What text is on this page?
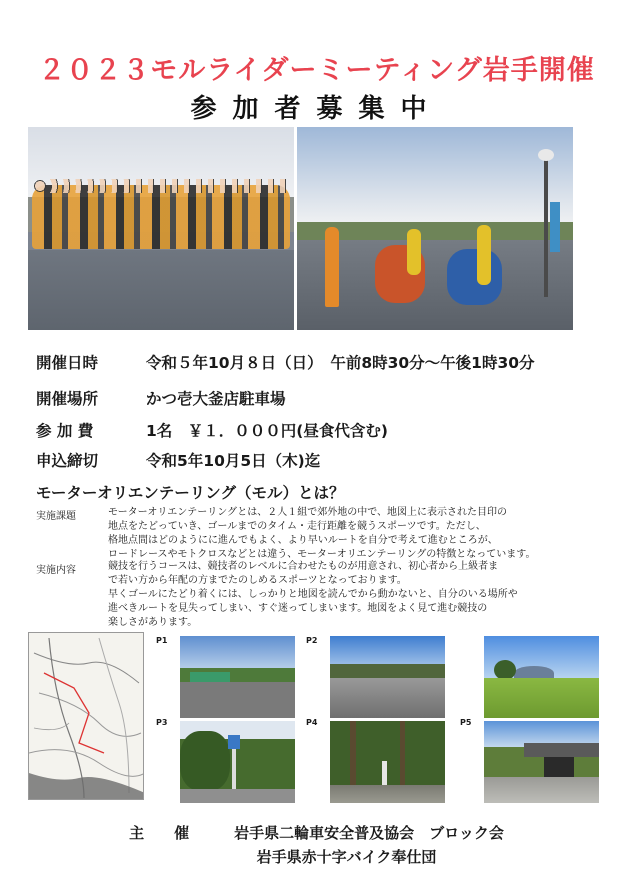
２０２３モルライダーミーティング岩手開催
参加者募集中
開催日時	令和５年10月８日（日）　午前8時30分～午後1時30分
開催場所	かつ壱大釜店駐車場
参 加 費	1名　￥１．０００円(昼食代含む)
申込締切	令和5年10月5日（木)迄
モーターオリエンテーリング（モル）とは？
実施課題	モーターオリエンテーリングとは、２人１組で郊外地の中で、地図上に表示された目印の
地点をたどっていき、ゴールまでのタイム・走行距離を競うスポーツです。ただし、
格地点間はどのようにに進んでもよく、より早いルートを自分で考えて進むところが、
ロードレースやモトクロスなどとは違う、モーターオリエンテーリングの特徴となっています。
実施内容	競技を行うコースは、競技者のレベルに合わせたものが用意され、初心者から上級者ま
で若い方から年配の方までたのしめるスポーツとなっております。
早くゴールにたどり着くには、しっかりと地図を読んでから動かないと、自分のいる場所や
進べきルートを見失ってしまい、すぐ迷ってしまいます。地図をよく見て進む競技の
楽しさがあります。
P1	P2
P3	P4	P5
主　　催　　　岩手県二輪車安全普及協会　ブロック会
岩手県赤十字バイク奉仕団
